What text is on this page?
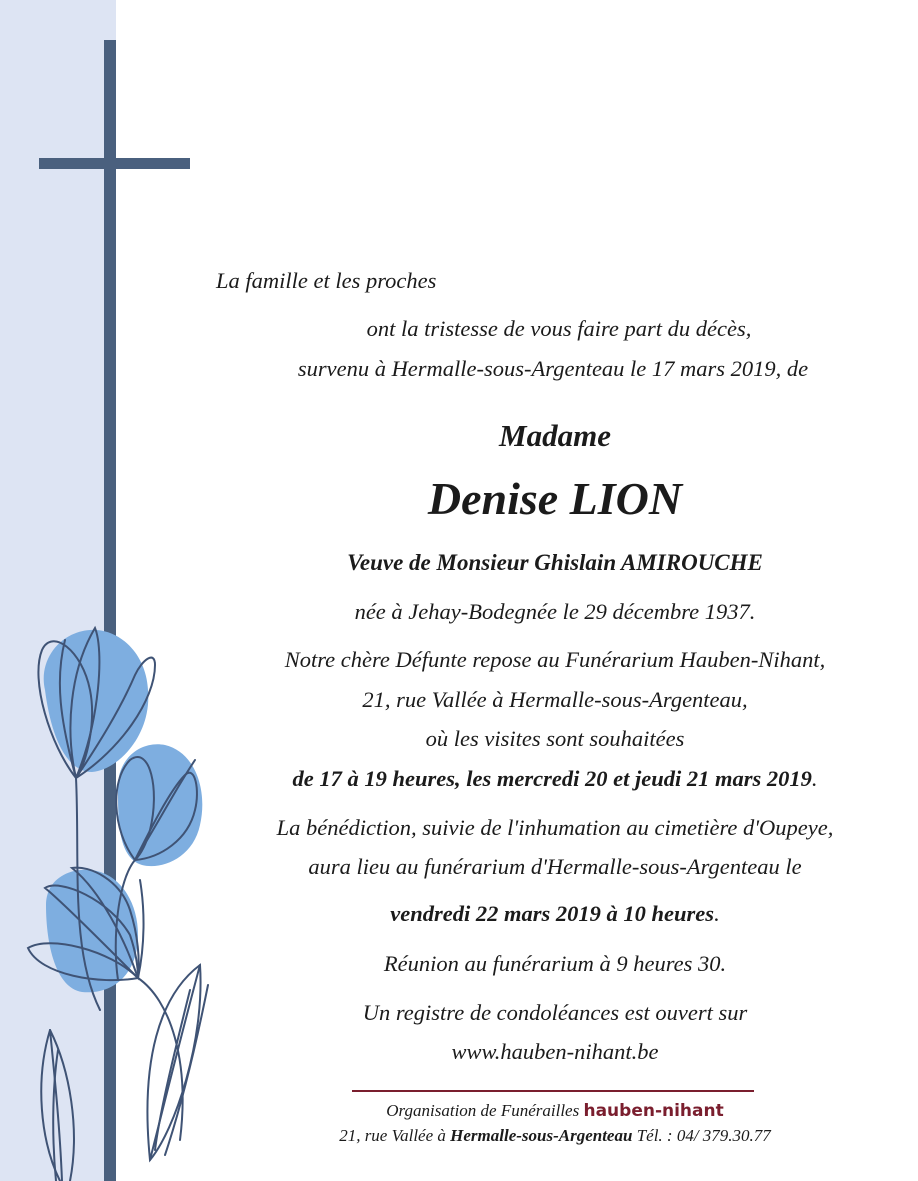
La famille et les proches
ont la tristesse de vous faire part du décès,
survenu à Hermalle-sous-Argenteau le 17 mars 2019, de
Madame
Denise LION
Veuve de Monsieur Ghislain AMIROUCHE
née à Jehay-Bodegnée le 29 décembre 1937.
Notre chère Défunte repose au Funérarium Hauben-Nihant,
21, rue Vallée à Hermalle-sous-Argenteau,
où les visites sont souhaitées
de 17 à 19 heures, les mercredi 20 et jeudi 21 mars 2019.
La bénédiction, suivie de l'inhumation au cimetière d'Oupeye,
aura lieu au funérarium d'Hermalle-sous-Argenteau le
vendredi 22 mars 2019 à 10 heures.
Réunion au funérarium à 9 heures 30.
Un registre de condoléances est ouvert sur
www.hauben-nihant.be
Organisation de Funérailles hauben-nihant
21, rue Vallée à Hermalle-sous-Argenteau Tél. : 04/ 379.30.77
